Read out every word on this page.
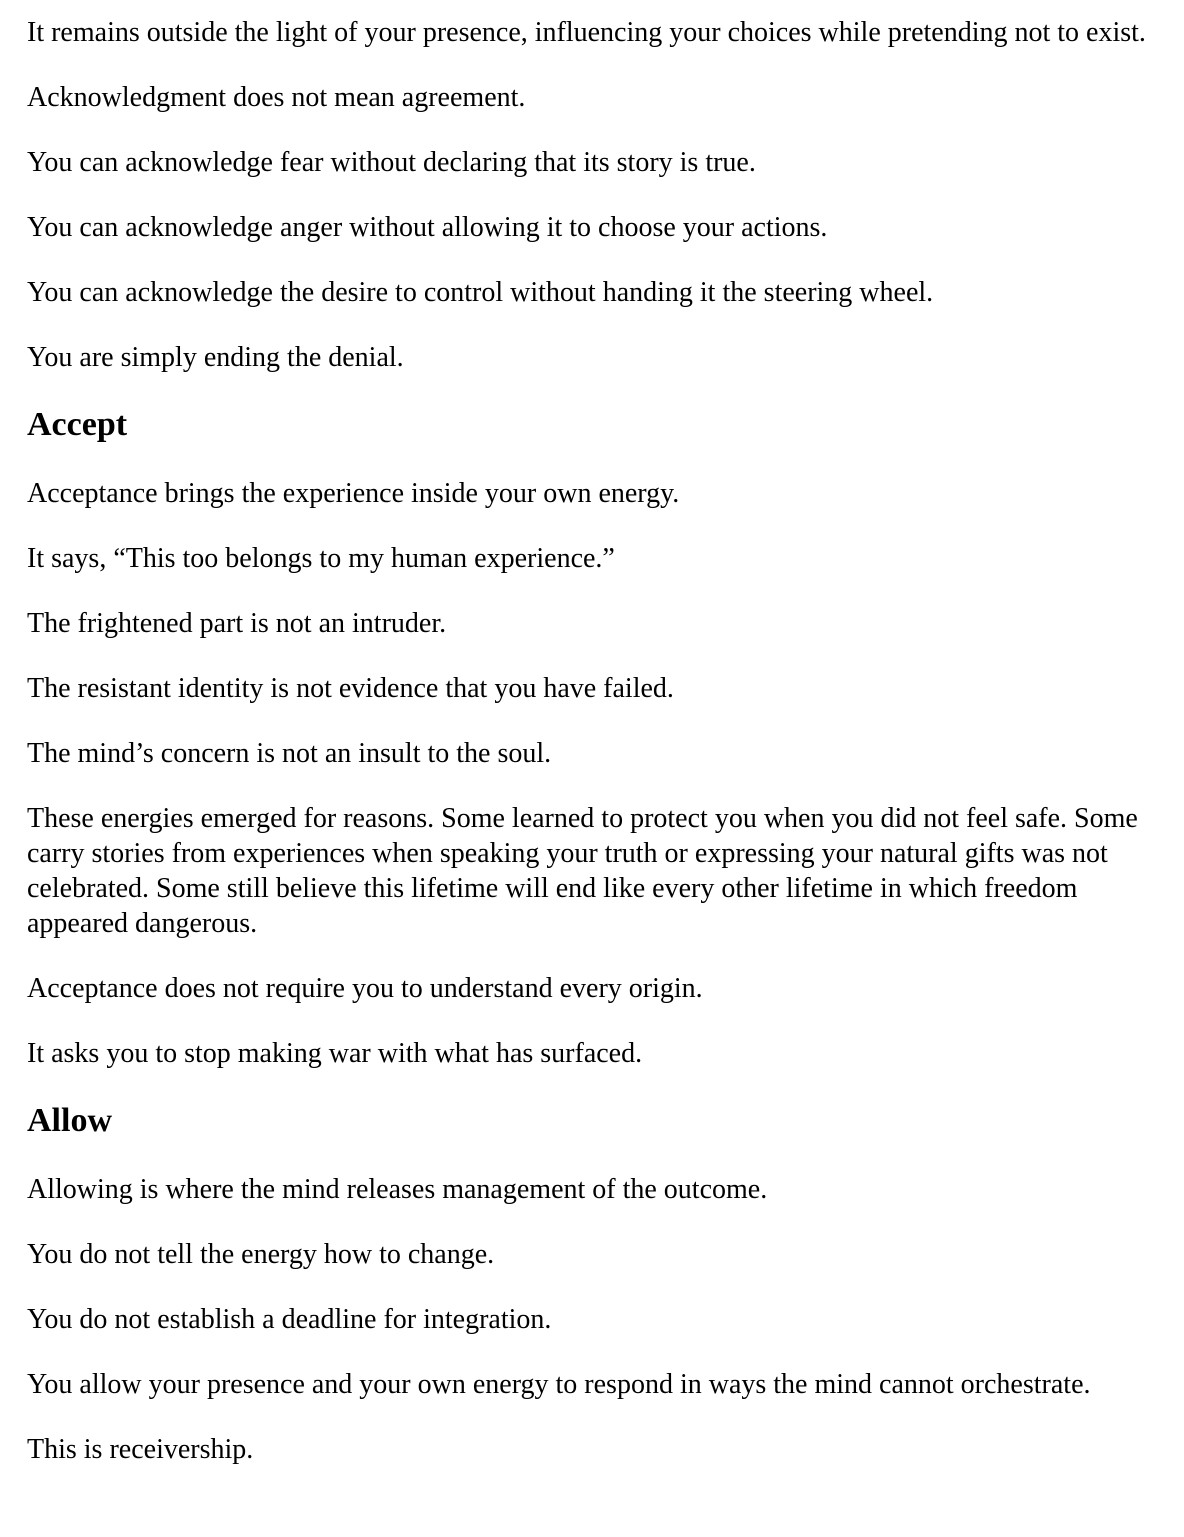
It remains outside the light of your presence, influencing your choices while pretending not to exist.

Acknowledgment does not mean agreement.

You can acknowledge fear without declaring that its story is true.

You can acknowledge anger without allowing it to choose your actions.

You can acknowledge the desire to control without handing it the steering wheel.

You are simply ending the denial.

Accept

Acceptance brings the experience inside your own energy.

It says, “This too belongs to my human experience.”

The frightened part is not an intruder.

The resistant identity is not evidence that you have failed.

The mind’s concern is not an insult to the soul.

These energies emerged for reasons. Some learned to protect you when you did not feel safe. Some carry stories from experiences when speaking your truth or expressing your natural gifts was not celebrated. Some still believe this lifetime will end like every other lifetime in which freedom appeared dangerous.

Acceptance does not require you to understand every origin.

It asks you to stop making war with what has surfaced.

Allow

Allowing is where the mind releases management of the outcome.

You do not tell the energy how to change.

You do not establish a deadline for integration.

You allow your presence and your own energy to respond in ways the mind cannot orchestrate.

This is receivership.
